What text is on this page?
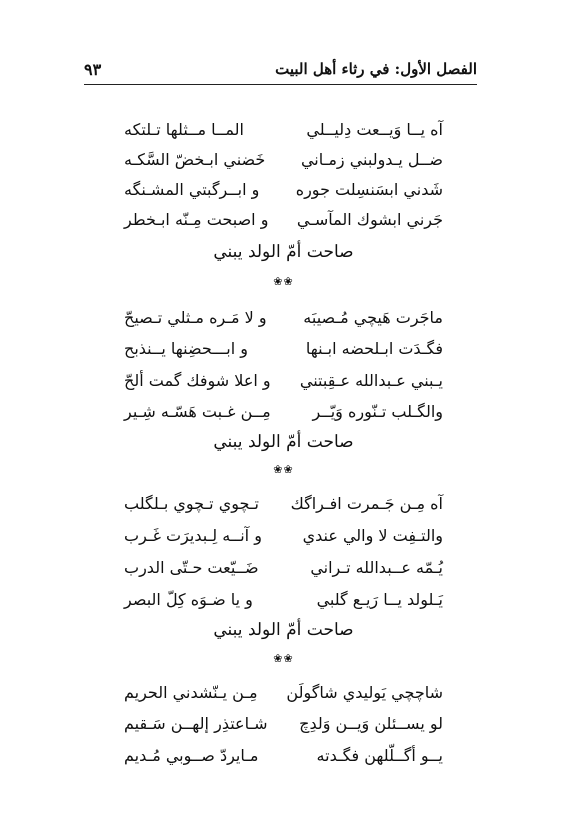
الفصل الأول: في رثاء أهل البيت
٩٣
آه يــا وَيــعت دِليــلي
المــا مــثلها تـلتكه
ضــل يـدولبني زمـاني
خَضني ابـخضّ السَّكـه
شَدني ابسَنسِلت جوره
و ابــرگبتي المشـنگه
جَرني ابشوك المآسـي
و اصبحت مِـنّه ابـخطر
صاحت أمّ الولد يبني
❀❀
ماجَرت هَيچي مُـصيبَه
و لا مَـره مـثلي تـصيحّ
فگـدَت ابـلحضه ابـنها
و ابـــحضِنها يــنذبح
يـبني عـبدالله عـقِبتني
و اعلا شوفك گمت ألحّ
والگـلب تـنّوره وَيّــر
مِــن غـبت هَسّـه شِـير
صاحت أمّ الولد يبني
❀❀
آه مِـن جَـمرت افـراگك
تـچوي تـچوي بـلگلب
والتـفِت لا والي عندي
و آنــه لِـبديرَت غَـرب
يُـمّه عــبدالله تـراني
ضَــيّعت حـتّى الدرب
يَـلولد يــا رَيـع گلبي
و يا ضـوَه كِلّ البصر
صاحت أمّ الولد يبني
❀❀
شاچچي يَوليدي شاگولَن
مِـن يـنّشدني الحريم
لو يســئلن وَيــن وَلدِچ
شـاعتذِر إلهــن سَـقيم
يــو أگــلّلهن فگـدته
مـايردّ صــوبي مُـديم
